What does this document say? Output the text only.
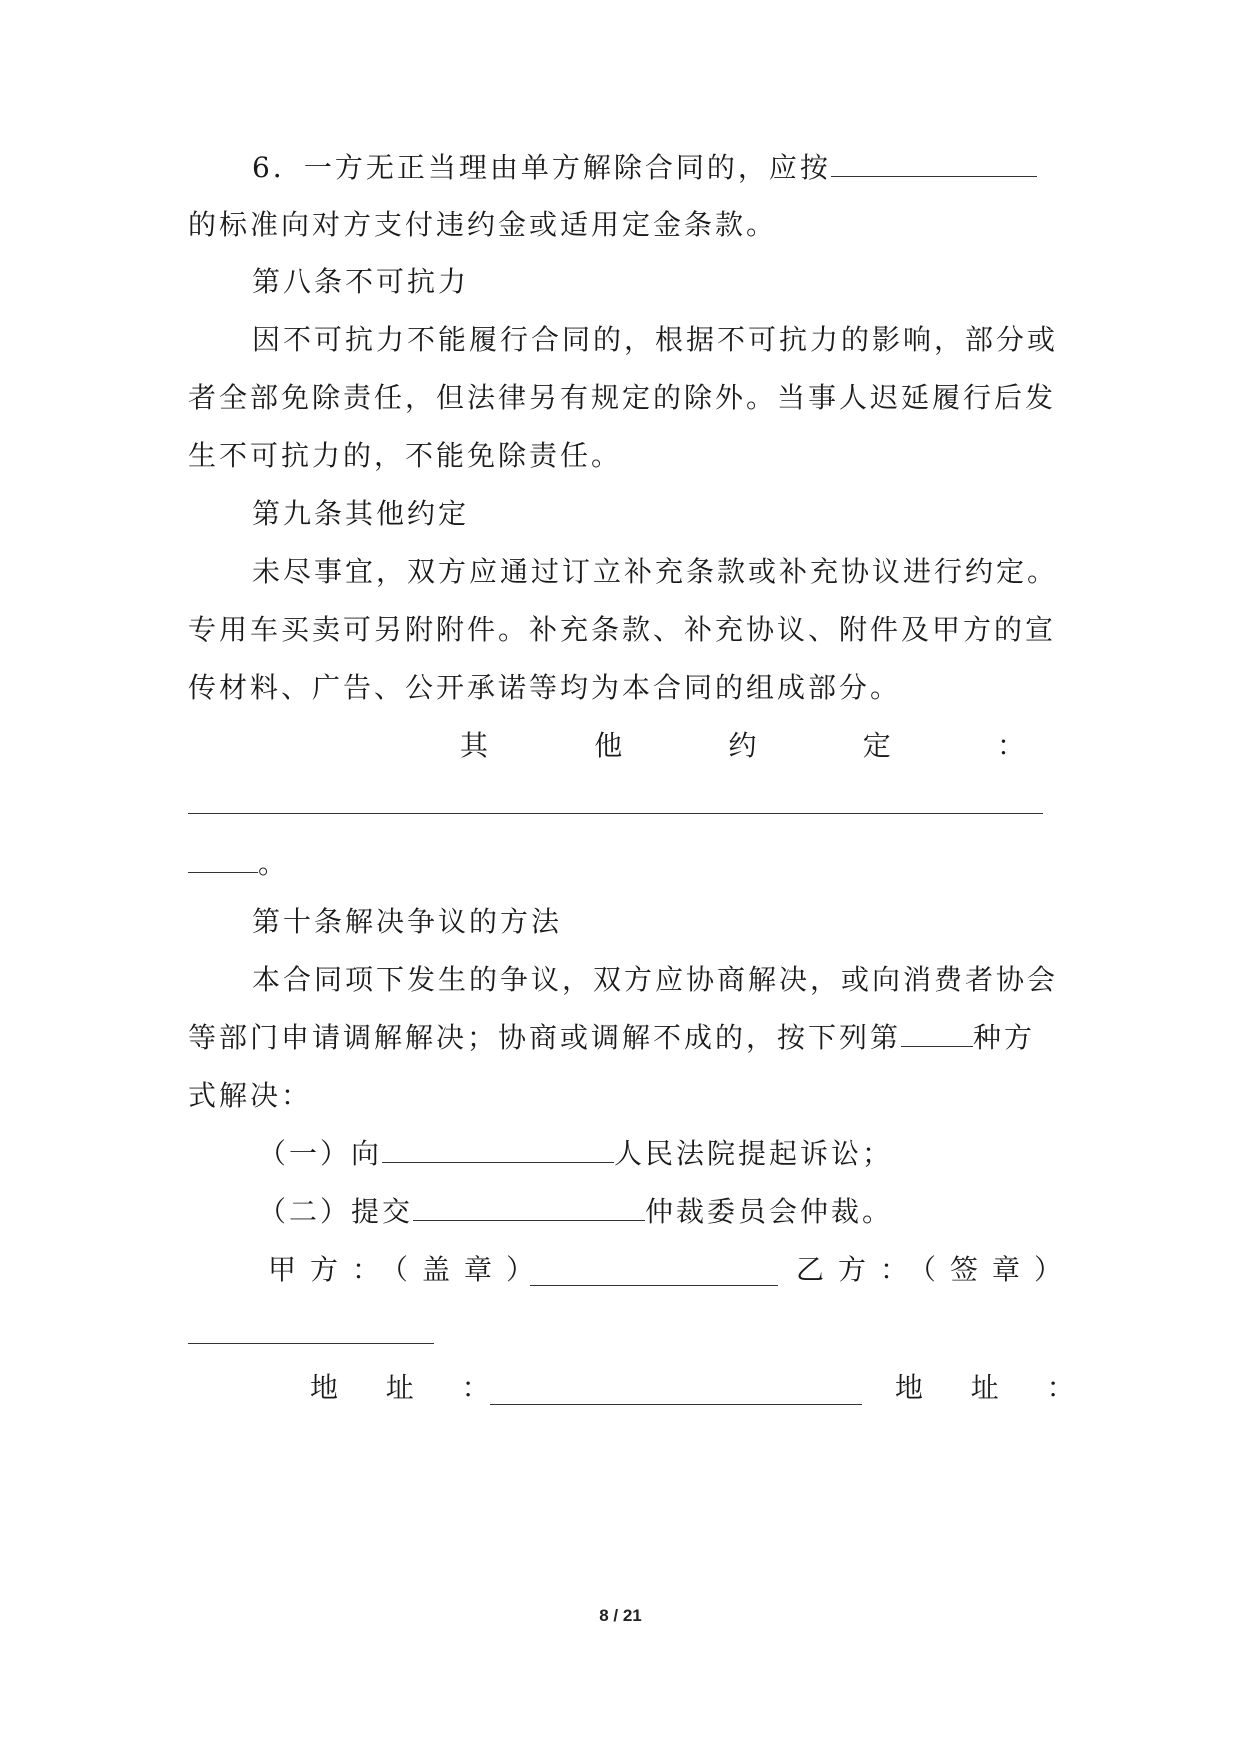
6．一方无正当理由单方解除合同的，应按
的标准向对方支付违约金或适用定金条款。
第八条不可抗力
因不可抗力不能履行合同的，根据不可抗力的影响，部分或
者全部免除责任，但法律另有规定的除外。当事人迟延履行后发
生不可抗力的，不能免除责任。
第九条其他约定
未尽事宜，双方应通过订立补充条款或补充协议进行约定。
专用车买卖可另附附件。补充条款、补充协议、附件及甲方的宣
传材料、广告、公开承诺等均为本合同的组成部分。
其	他	约	定	：
。
第十条解决争议的方法
本合同项下发生的争议，双方应协商解决，或向消费者协会
等部门申请调解解决；协商或调解不成的，按下列第	种方
式解决：
（一）向	人民法院提起诉讼；
（二）提交	仲裁委员会仲裁。
甲方：（盖章）	乙方：（签章）
地  址  ：	地  址  ：
8 / 21
